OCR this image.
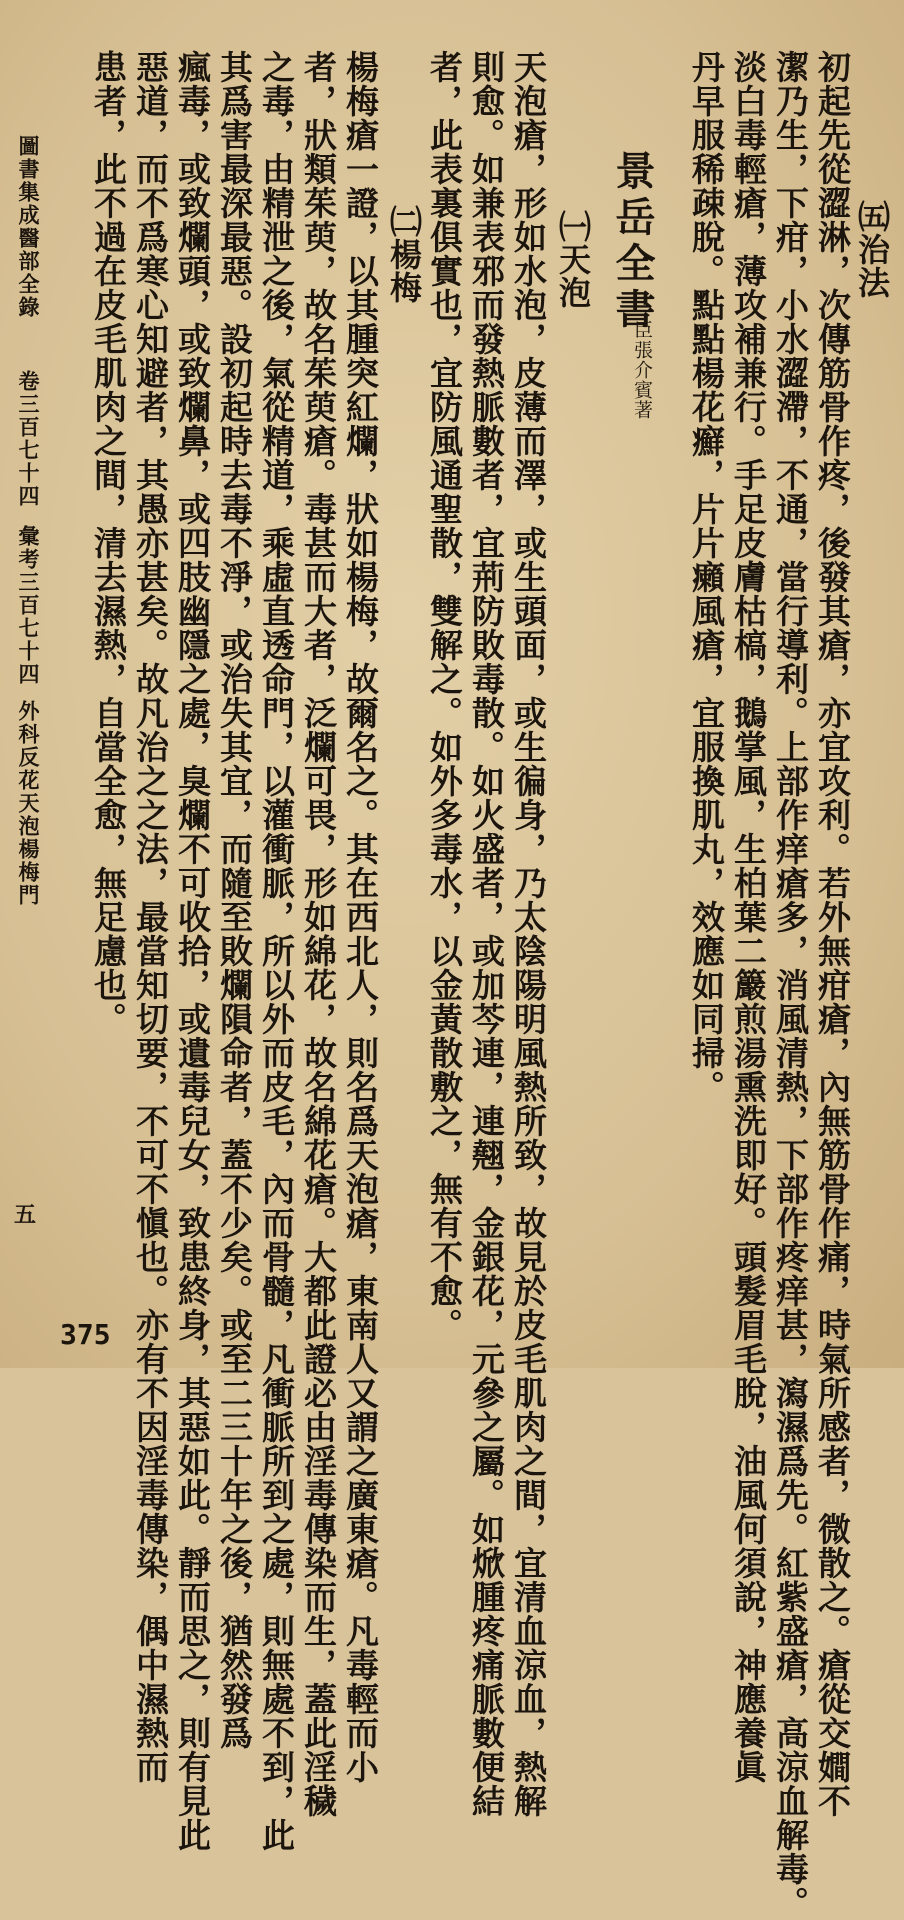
㈤治法
初起先從澀淋，次傳筋骨作疼，後發其瘡，亦宜攻利。若外無疳瘡，內無筋骨作痛，時氣所感者，微散之。瘡從交𡢃不
潔乃生，下疳，小水澀滯，不通，當行導利。上部作痒瘡多，消風清熱，下部作疼痒甚，瀉濕爲先。紅紫盛瘡，高涼血解毒。
淡白毒輕瘡，薄攻補兼行。手足皮膚枯槁，鵝掌風，生柏葉二䉷煎湯熏洗即好。頭髮眉毛脫，油風何須說，神應養眞
丹早服稀疎脫。點點楊花癬，片片癩風瘡，宜服換肌丸，效應如同掃。
景岳全書
臣張介賓著
㈠天泡
天泡瘡，形如水泡，皮薄而澤，或生頭面，或生徧身，乃太陰陽明風熱所致，故見於皮毛肌肉之間，宜清血涼血，熱解
則愈。如兼表邪而發熱脈數者，宜荊防敗毒散。如火盛者，或加芩連，連翹，金銀花，元參之屬。如焮腫疼痛脈數便結
者，此表裏俱實也，宜防風通聖散，雙解之。如外多毒水，以金黃散敷之，無有不愈。
㈡楊梅
楊梅瘡一證，以其腫突紅爛，狀如楊梅，故爾名之。其在西北人，則名爲天泡瘡，東南人又謂之廣東瘡。凡毒輕而小
者，狀類茱萸，故名茱萸瘡。毒甚而大者，泛爛可畏，形如綿花，故名綿花瘡。大都此證必由淫毒傳染而生，蓋此淫穢
之毒，由精泄之後，氣從精道，乘虛直透命門，以灌衝脈，所以外而皮毛，內而骨髓，凡衝脈所到之處，則無處不到，此
其爲害最深最惡。設初起時去毒不淨，或治失其宜，而隨至敗爛隕命者，蓋不少矣。或至二三十年之後，猶然發爲
瘋毒，或致爛頭，或致爛鼻，或四肢幽隱之處，臭爛不可收拾，或遺毒兒女，致患終身，其惡如此。靜而思之，則有見此
惡道，而不爲寒心知避者，其愚亦甚矣。故凡治之之法，最當知切要，不可不愼也。亦有不因淫毒傳染，偶中濕熱而
患者，此不過在皮毛肌肉之間，清去濕熱，自當全愈，無足慮也。
圖書集成醫部全錄
卷三百七十四
彙考三百七十四
外科反花天泡楊梅門
五
375
